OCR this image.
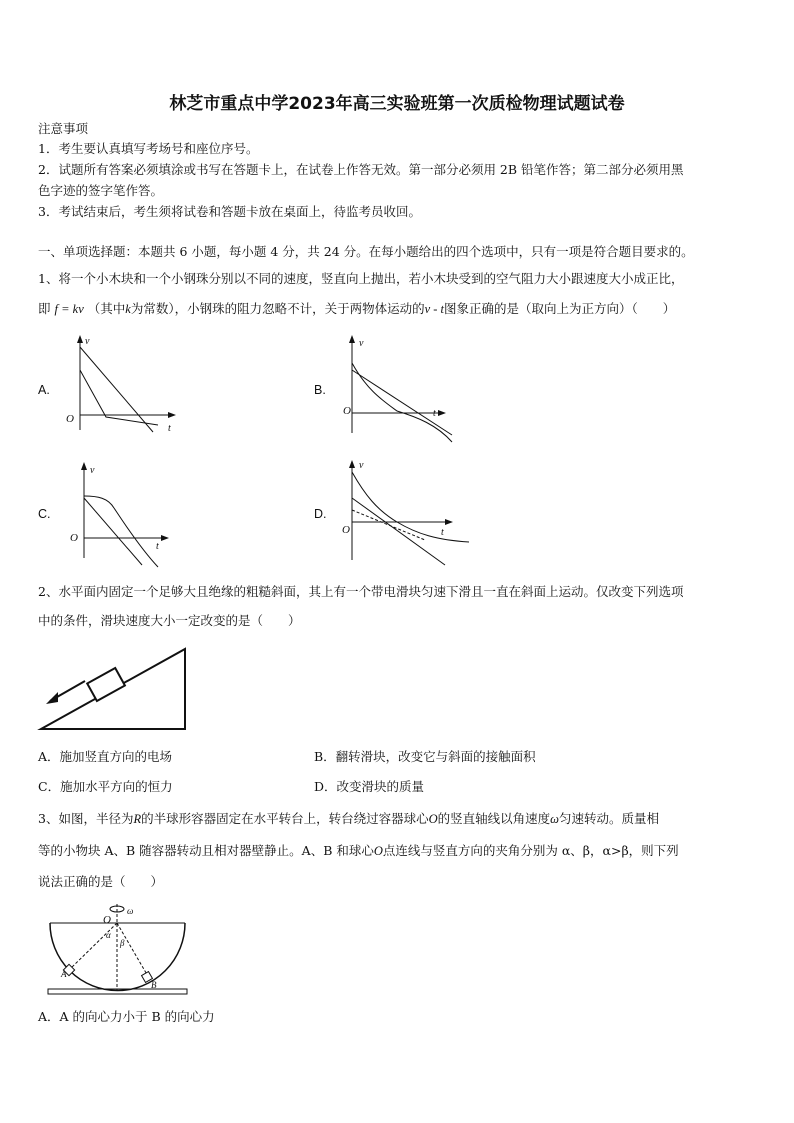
林芝市重点中学2023年高三实验班第一次质检物理试题试卷
注意事项
1．考生要认真填写考场号和座位序号。
2．试题所有答案必须填涂或书写在答题卡上，在试卷上作答无效。第一部分必须用 2B 铅笔作答；第二部分必须用黑
色字迹的签字笔作答。
3．考试结束后，考生须将试卷和答题卡放在桌面上，待监考员收回。
一、单项选择题：本题共 6 小题，每小题 4 分，共 24 分。在每小题给出的四个选项中，只有一项是符合题目要求的。
1、将一个小木块和一个小钢珠分别以不同的速度，竖直向上抛出，若小木块受到的空气阻力大小跟速度大小成正比，
即 f = kv （其中k为常数），小钢珠的阻力忽略不计，关于两物体运动的v - t图象正确的是（取向上为正方向）（　　）
A.	B.
C.	D.
v
t
O
v
t
O
v
t
O
v
t
O
2、水平面内固定一个足够大且绝缘的粗糙斜面，其上有一个带电滑块匀速下滑且一直在斜面上运动。仅改变下列选项
中的条件，滑块速度大小一定改变的是（　　）
A．施加竖直方向的电场	B．翻转滑块，改变它与斜面的接触面积
C．施加水平方向的恒力	D．改变滑块的质量
3、如图，半径为R的半球形容器固定在水平转台上，转台绕过容器球心O的竖直轴线以角速度ω匀速转动。质量相
等的小物块 A、B 随容器转动且相对器壁静止。A、B 和球心O点连线与竖直方向的夹角分别为 α、β，α>β，则下列
说法正确的是（　　）
O
ω
α
β
A
B
A．A 的向心力小于 B 的向心力
